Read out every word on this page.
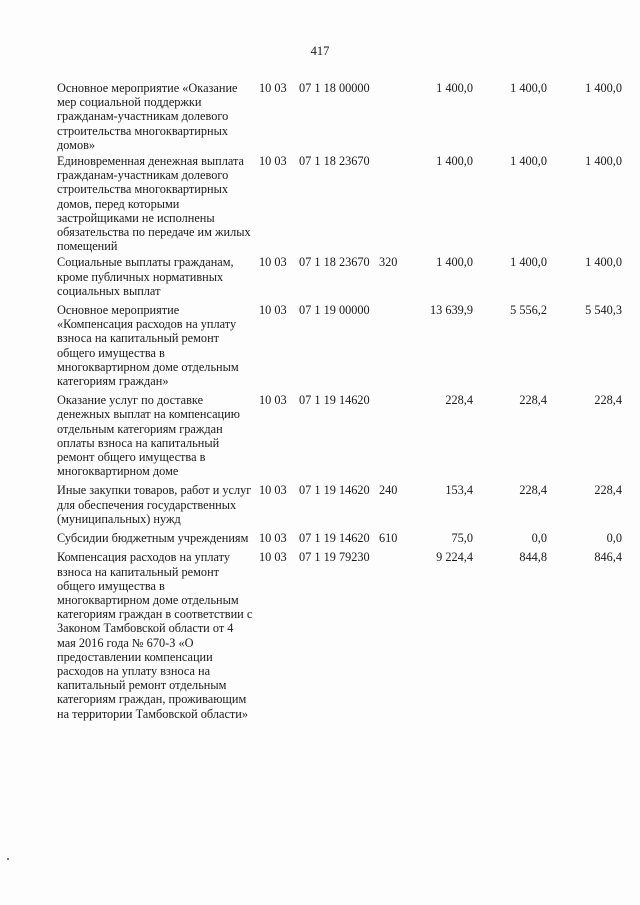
417
Основное мероприятие «Оказание мер социальной поддержки гражданам-участникам долевого строительства многоквартирных домов»
10 03 07 1 18 00000	1 400,0	1 400,0	1 400,0
Единовременная денежная выплата гражданам-участникам долевого строительства многоквартирных домов, перед которыми застройщиками не исполнены обязательства по передаче им жилых помещений
10 03 07 1 18 23670	1 400,0	1 400,0	1 400,0
Социальные выплаты гражданам, кроме публичных нормативных социальных выплат
10 03 07 1 18 23670 320	1 400,0	1 400,0	1 400,0
Основное мероприятие «Компенсация расходов на уплату взноса на капитальный ремонт общего имущества в многоквартирном доме отдельным категориям граждан»
10 03 07 1 19 00000	13 639,9	5 556,2	5 540,3
Оказание услуг по доставке денежных выплат на компенсацию отдельным категориям граждан оплаты взноса на капитальный ремонт общего имущества в многоквартирном доме
10 03 07 1 19 14620	228,4	228,4	228,4
Иные закупки товаров, работ и услуг для обеспечения государственных (муниципальных) нужд
10 03 07 1 19 14620 240	153,4	228,4	228,4
Субсидии бюджетным учреждениям 10 03 07 1 19 14620 610	75,0	0,0	0,0
Компенсация расходов на уплату взноса на капитальный ремонт общего имущества в многоквартирном доме отдельным категориям граждан в соответствии с Законом Тамбовской области от 4 мая 2016 года № 670-З «О предоставлении компенсации расходов на уплату взноса на капитальный ремонт отдельным категориям граждан, проживающим на территории Тамбовской области»
10 03 07 1 19 79230	9 224,4	844,8	846,4
